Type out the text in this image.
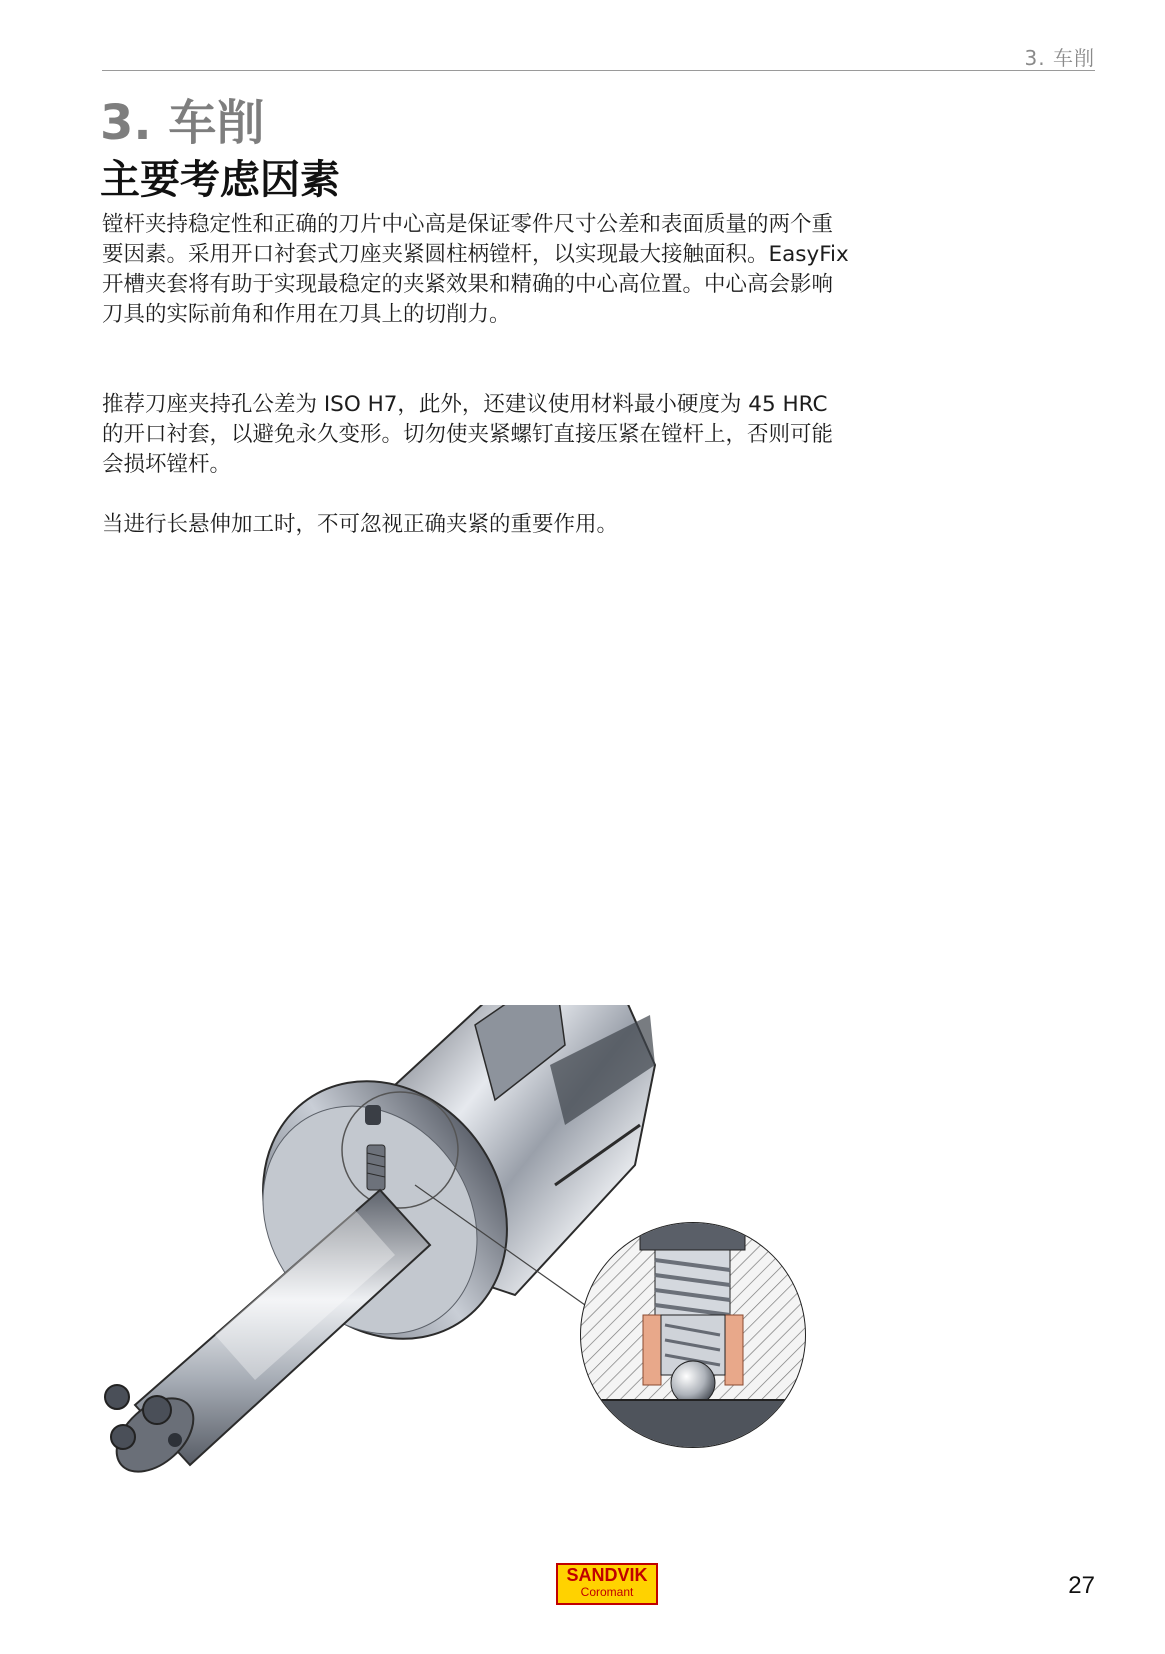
3. 车削
3. 车削
主要考虑因素

镗杆夹持稳定性和正确的刀片中心高是保证零件尺寸公差和表面质量的两个重要因素。采用开口衬套式刀座夹紧圆柱柄镗杆，以实现最大接触面积。EasyFix 开槽夹套将有助于实现最稳定的夹紧效果和精确的中心高位置。中心高会影响刀具的实际前角和作用在刀具上的切削力。

推荐刀座夹持孔公差为 ISO H7，此外，还建议使用材料最小硬度为 45 HRC 的开口衬套，以避免永久变形。切勿使夹紧螺钉直接压紧在镗杆上，否则可能会损坏镗杆。

当进行长悬伸加工时，不可忽视正确夹紧的重要作用。

SANDVIK
Coromant	27
